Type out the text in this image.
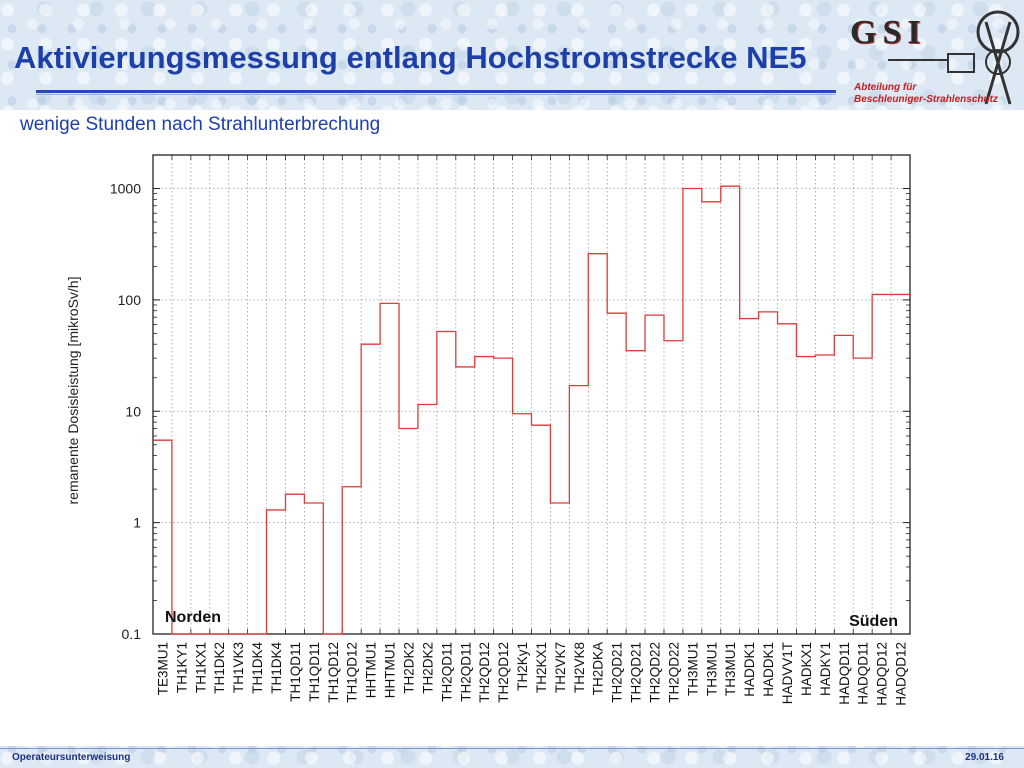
Aktivierungsmessung entlang Hochstromstrecke NE5
GSI
Abteilung für
Beschleuniger-Strahlenschutz
wenige Stunden nach Strahlunterbrechung
0.1
1
10
100
1000
TE3MU1 TH1KY1 TH1KX1 TH1DK2 TH1VK3 TH1DK4 TH1DK4 TH1QD11 TH1QD11 TH1QD12 TH1QD12 HHTMU1 HHTMU1 TH2DK2 TH2DK2 TH2QD11 TH2QD11 TH2QD12 TH2QD12 TH2Ky1 TH2KX1 TH2VK7 TH2VK8 TH2DKA TH2QD21 TH2QD21 TH2QD22 TH2QD22 TH3MU1 TH3MU1 TH3MU1 HADDK1 HADDK1 HADVV1T HADKX1 HADKY1 HADQD11 HADQD11 HADQD12 HADQD12
remanente Dosisleistung [mikroSv/h]
Norden	Süden
Operateursunterweisung	29.01.16
